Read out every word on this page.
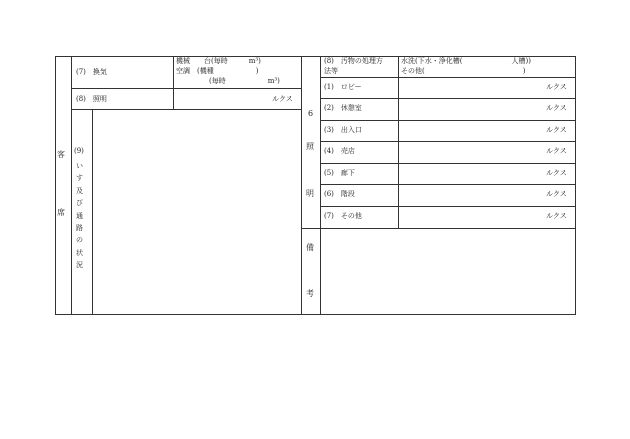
客
席
(7)　換気
機械　　台(毎時　　　m³)
空調　(機種　　　　　　)
(毎時　　　　　　m³)
(8)　照明	ルクス
(9)
い
す
及
び
通
路
の
状
況
(8)　汚物の処理方
法等
水洗(下水・浄化槽(　　　　　　　人槽))
その他(　　　　　　　　　　　　　　)
6
照
明
(1)　ロビー	ルクス
(2)　休憩室	ルクス
(3)　出入口	ルクス
(4)　売店	ルクス
(5)　廊下	ルクス
(6)　階段	ルクス
(7)　その他	ルクス
備
考
